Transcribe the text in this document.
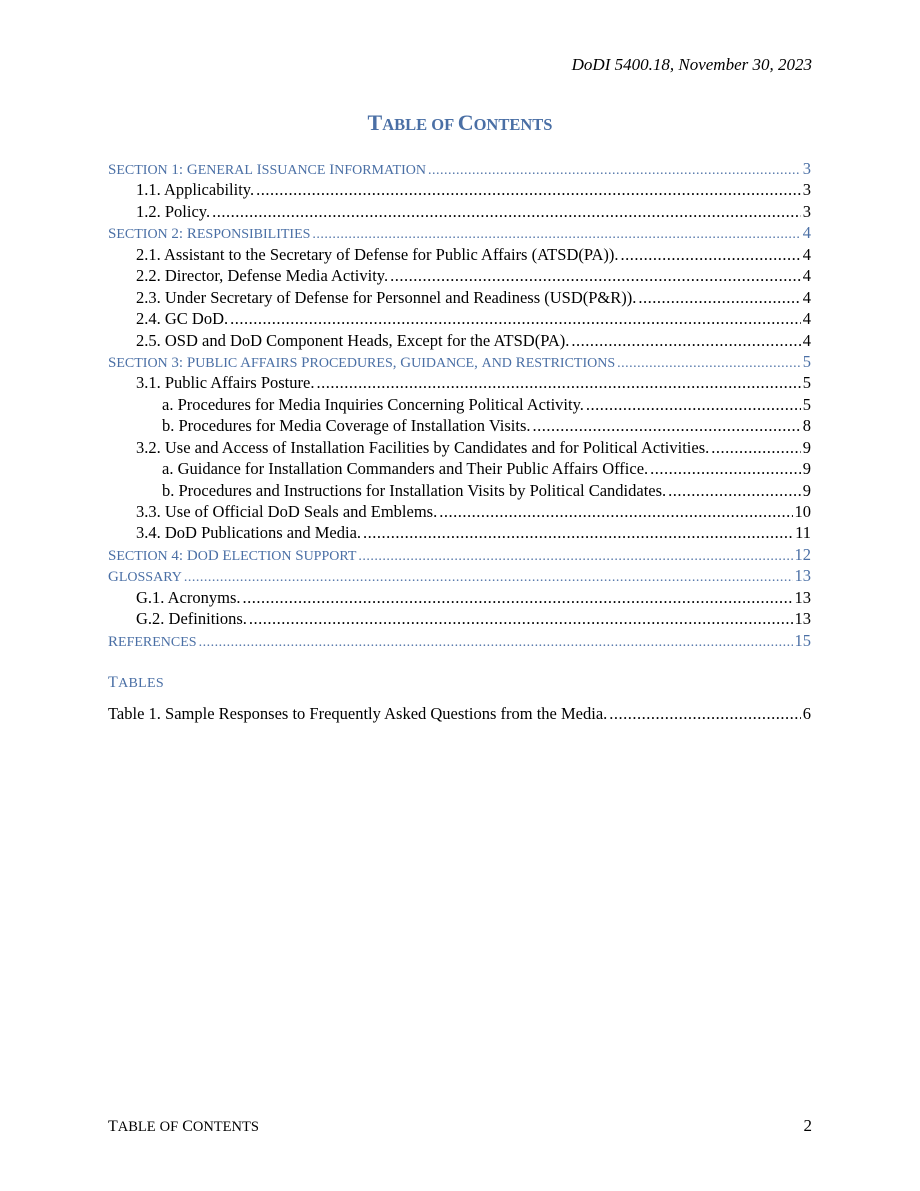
DoDI 5400.18, November 30, 2023
TABLE OF CONTENTS
SECTION 1: GENERAL ISSUANCE INFORMATION .....	3
1.1. Applicability. .....	3
1.2. Policy. .....	3
SECTION 2: RESPONSIBILITIES .....	4
2.1. Assistant to the Secretary of Defense for Public Affairs (ATSD(PA)). .....	4
2.2. Director, Defense Media Activity. .....	4
2.3. Under Secretary of Defense for Personnel and Readiness (USD(P&R)). .....	4
2.4. GC DoD. .....	4
2.5. OSD and DoD Component Heads, Except for the ATSD(PA). .....	4
SECTION 3: PUBLIC AFFAIRS PROCEDURES, GUIDANCE, AND RESTRICTIONS .....	5
3.1. Public Affairs Posture. .....	5
a. Procedures for Media Inquiries Concerning Political Activity. .....	5
b. Procedures for Media Coverage of Installation Visits. .....	8
3.2. Use and Access of Installation Facilities by Candidates and for Political Activities. .....	9
a. Guidance for Installation Commanders and Their Public Affairs Office. .....	9
b. Procedures and Instructions for Installation Visits by Political Candidates. .....	9
3.3. Use of Official DoD Seals and Emblems. .....	10
3.4. DoD Publications and Media. .....	11
SECTION 4: DOD ELECTION SUPPORT .....	12
GLOSSARY .....	13
G.1. Acronyms. .....	13
G.2. Definitions. .....	13
REFERENCES .....	15
TABLES
Table 1. Sample Responses to Frequently Asked Questions from the Media. .....	6
TABLE OF CONTENTS	2
